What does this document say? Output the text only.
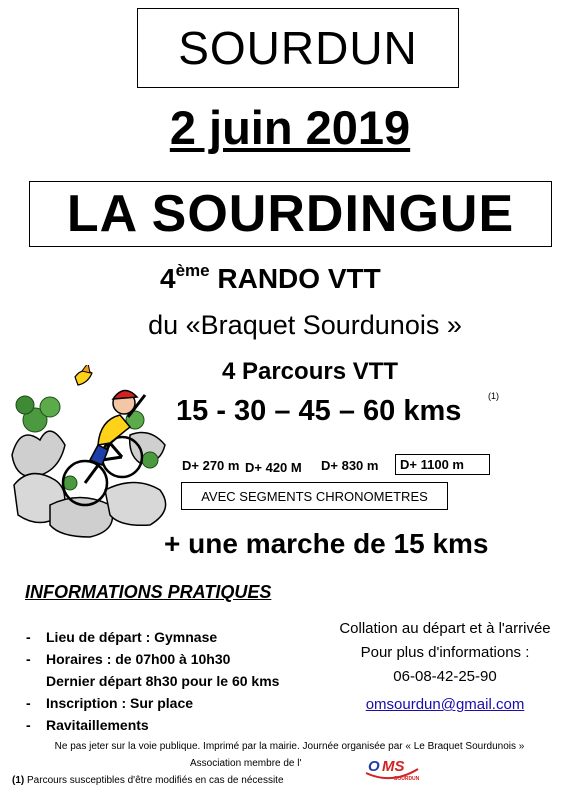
SOURDUN
2 juin 2019
LA SOURDINGUE
4ème RANDO VTT
du «Braquet Sourdunois »
4 Parcours VTT
15 - 30 – 45 – 60 kms	(1)
D+ 270 m D+ 420 M D+ 830 m	D+ 1100 m
AVEC SEGMENTS CHRONOMETRES
+ une marche de 15 kms
INFORMATIONS PRATIQUES
-	Lieu de départ : Gymnase
-	Horaires : de 07h00 à 10h30
Dernier départ 8h30 pour le 60 kms
-	Inscription : Sur place
-	Ravitaillements
Collation au départ et à l'arrivée
Pour plus d'informations :
06-08-42-25-90
omsourdun@gmail.com
Ne pas jeter sur la voie publique. Imprimé par la mairie. Journée organisée par « Le Braquet Sourdunois »
Association membre de l'	O MS
SOURDUN
(1) Parcours susceptibles d'être modifiés en cas de nécessite
